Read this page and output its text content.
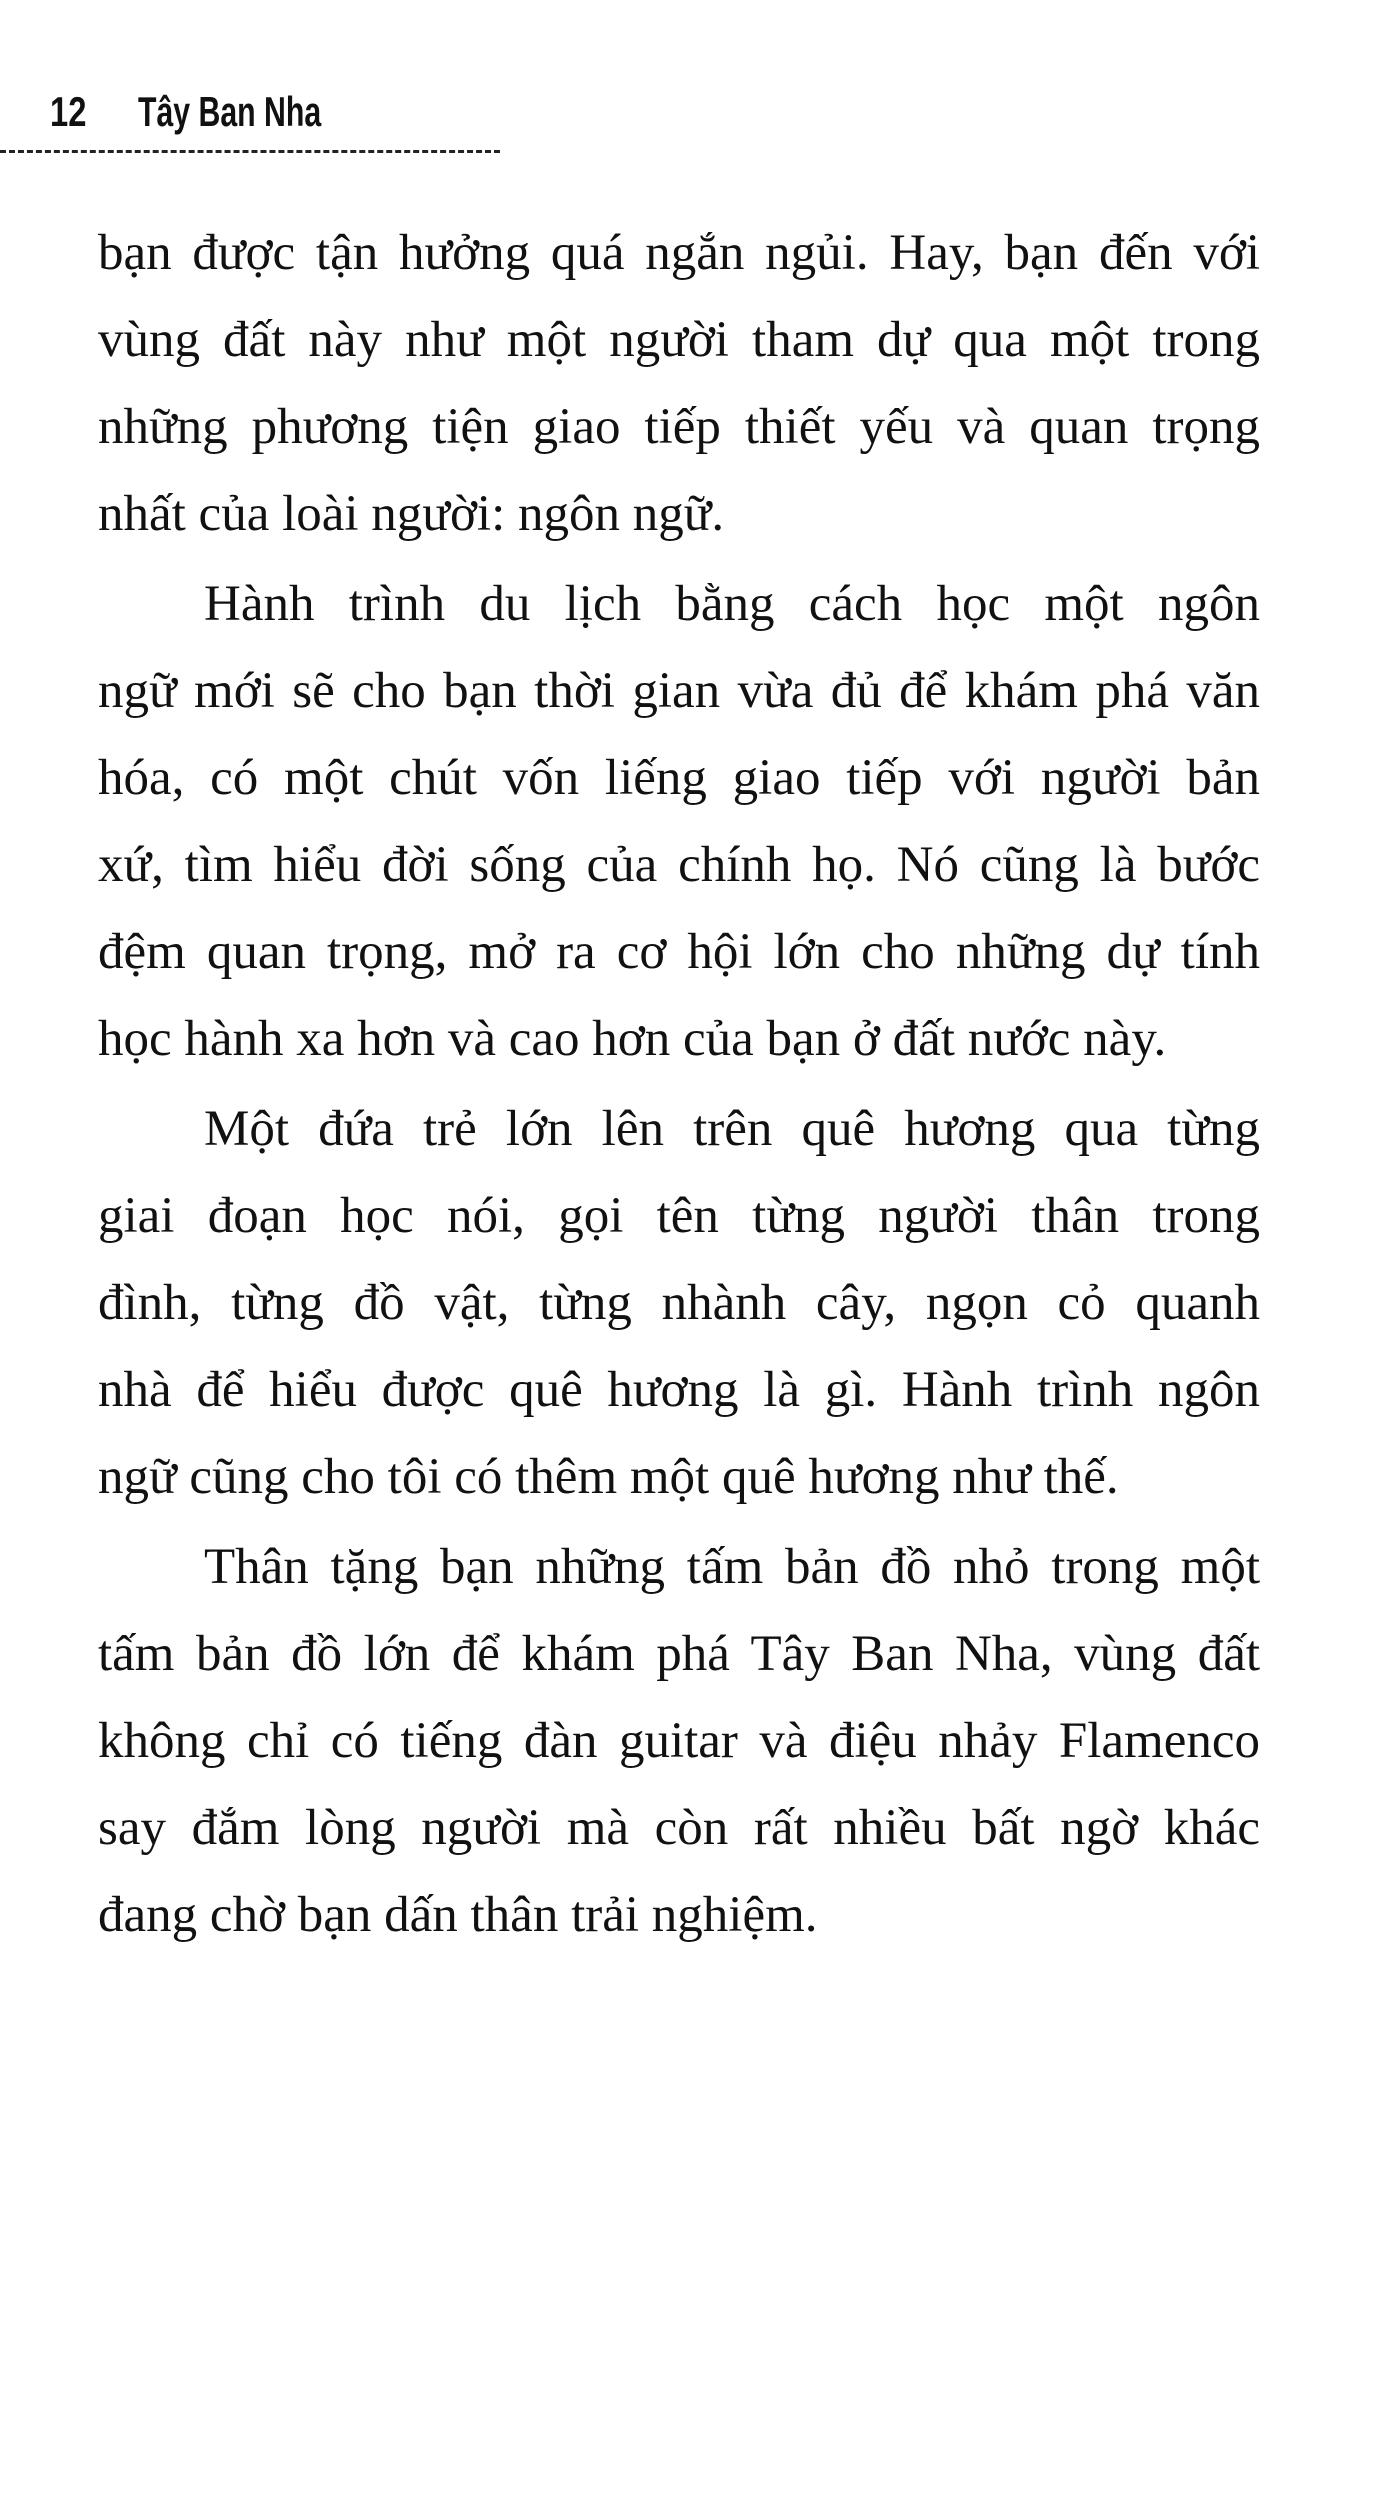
12 Tây Ban Nha
bạn được tận hưởng quá ngắn ngủi. Hay, bạn đến với
vùng đất này như một người tham dự qua một trong
những phương tiện giao tiếp thiết yếu và quan trọng
nhất của loài người: ngôn ngữ.
Hành trình du lịch bằng cách học một ngôn
ngữ mới sẽ cho bạn thời gian vừa đủ để khám phá văn
hóa, có một chút vốn liếng giao tiếp với người bản
xứ, tìm hiểu đời sống của chính họ. Nó cũng là bước
đệm quan trọng, mở ra cơ hội lớn cho những dự tính
học hành xa hơn và cao hơn của bạn ở đất nước này.
Một đứa trẻ lớn lên trên quê hương qua từng
giai đoạn học nói, gọi tên từng người thân trong
đình, từng đồ vật, từng nhành cây, ngọn cỏ quanh
nhà để hiểu được quê hương là gì. Hành trình ngôn
ngữ cũng cho tôi có thêm một quê hương như thế.
Thân tặng bạn những tấm bản đồ nhỏ trong một
tấm bản đồ lớn để khám phá Tây Ban Nha, vùng đất
không chỉ có tiếng đàn guitar và điệu nhảy Flamenco
say đắm lòng người mà còn rất nhiều bất ngờ khác
đang chờ bạn dấn thân trải nghiệm.
